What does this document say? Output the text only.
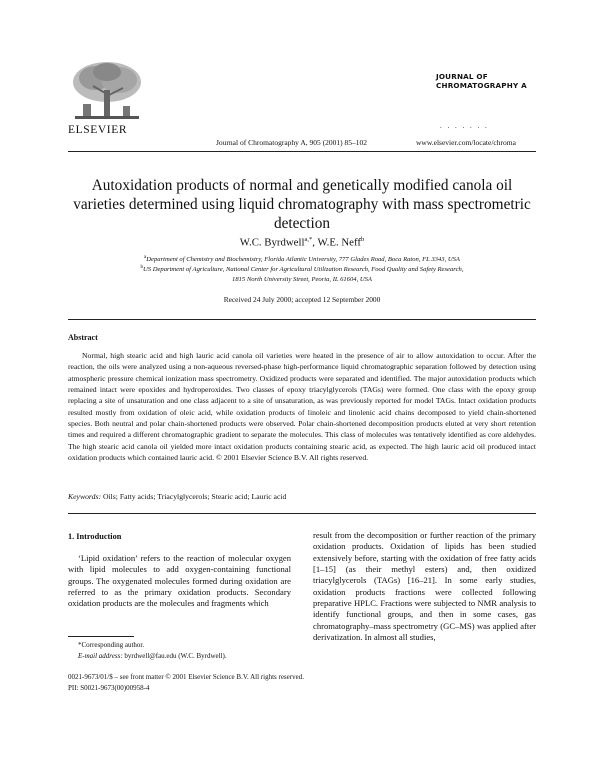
ELSEVIER
Journal of Chromatography A, 905 (2001) 85–102
JOURNAL OF
CHROMATOGRAPHY A
. . . . . . .
www.elsevier.com/locate/chroma
Autoxidation products of normal and genetically modified canola oil varieties determined using liquid chromatography with mass spectrometric detection
W.C. Byrdwell$^{a,*}$, W.E. Neff$^b$
$^a$Department of Chemistry and Biochemistry, Florida Atlantic University, 777 Glades Road, Boca Raton, FL 3343, USA
$^b$US Department of Agriculture, National Center for Agricultural Utilization Research, Food Quality and Safety Research,
1815 North University Street, Peoria, IL 61604, USA
Received 24 July 2000; accepted 12 September 2000
Abstract
Normal, high stearic acid and high lauric acid canola oil varieties were heated in the presence of air to allow autoxidation to occur. After the reaction, the oils were analyzed using a non-aqueous reversed-phase high-performance liquid chromatographic separation followed by detection using atmospheric pressure chemical ionization mass spectrometry. Oxidized products were separated and identified. The major autoxidation products which remained intact were epoxides and hydroperoxides. Two classes of epoxy triacylglycerols (TAGs) were formed. One class with the epoxy group replacing a site of unsaturation and one class adjacent to a site of unsaturation, as was previously reported for model TAGs. Intact oxidation products resulted mostly from oxidation of oleic acid, while oxidation products of linoleic and linolenic acid chains decomposed to yield chain-shortened species. Both neutral and polar chain-shortened products were observed. Polar chain-shortened decomposition products eluted at very short retention times and required a different chromatographic gradient to separate the molecules. This class of molecules was tentatively identified as core aldehydes. The high stearic acid canola oil yielded more intact oxidation products containing stearic acid, as expected. The high lauric acid oil produced intact oxidation products which contained lauric acid. © 2001 Elsevier Science B.V. All rights reserved.
Keywords: Oils; Fatty acids; Triacylglycerols; Stearic acid; Lauric acid
1. Introduction
‘Lipid oxidation’ refers to the reaction of molecular oxygen with lipid molecules to add oxygen-containing functional groups. The oxygenated molecules formed during oxidation are referred to as the primary oxidation products. Secondary oxidation products are the molecules and fragments which
result from the decomposition or further reaction of the primary oxidation products. Oxidation of lipids has been studied extensively before, starting with the oxidation of free fatty acids [1–15] (as their methyl esters) and, then oxidized triacylglycerols (TAGs) [16–21]. In some early studies, oxidation products fractions were collected following preparative HPLC. Fractions were subjected to NMR analysis to identify functional groups, and then in some cases, gas chromatography–mass spectrometry (GC–MS) was applied after derivatization. In almost all studies,
*Corresponding author.
E-mail address: byrdwell@fau.edu (W.C. Byrdwell).
0021-9673/01/$ – see front matter © 2001 Elsevier Science B.V. All rights reserved.
PII: S0021-9673(00)00958-4
